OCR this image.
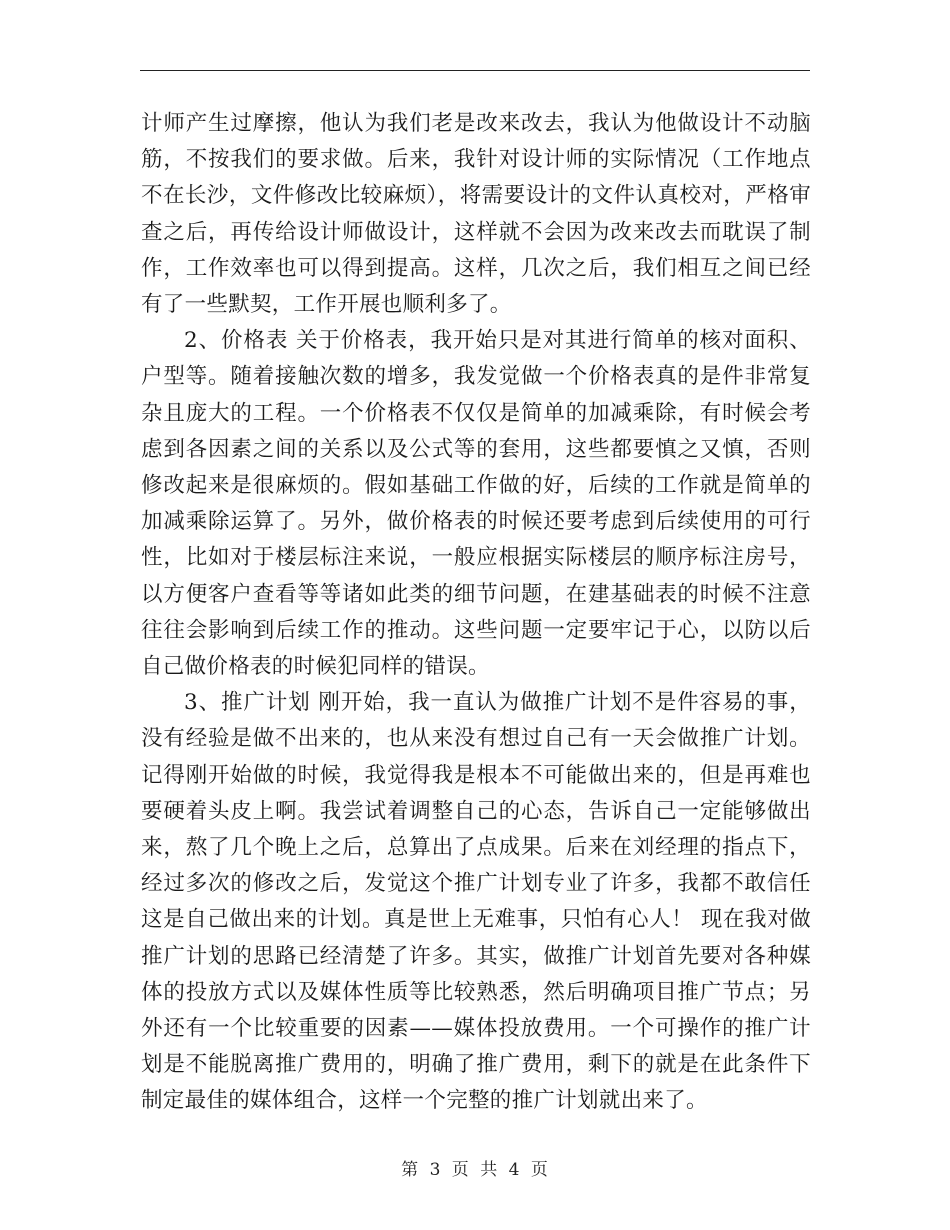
计师产生过摩擦，他认为我们老是改来改去，我认为他做设计不动脑筋，不按我们的要求做。后来，我针对设计师的实际情况（工作地点不在长沙，文件修改比较麻烦），将需要设计的文件认真校对，严格审查之后，再传给设计师做设计，这样就不会因为改来改去而耽误了制作，工作效率也可以得到提高。这样，几次之后，我们相互之间已经有了一些默契，工作开展也顺利多了。

2、价格表 关于价格表，我开始只是对其进行简单的核对面积、户型等。随着接触次数的增多，我发觉做一个价格表真的是件非常复杂且庞大的工程。一个价格表不仅仅是简单的加减乘除，有时候会考虑到各因素之间的关系以及公式等的套用，这些都要慎之又慎，否则修改起来是很麻烦的。假如基础工作做的好，后续的工作就是简单的加减乘除运算了。另外，做价格表的时候还要考虑到后续使用的可行性，比如对于楼层标注来说，一般应根据实际楼层的顺序标注房号，以方便客户查看等等诸如此类的细节问题，在建基础表的时候不注意往往会影响到后续工作的推动。这些问题一定要牢记于心，以防以后自己做价格表的时候犯同样的错误。

3、推广计划 刚开始，我一直认为做推广计划不是件容易的事，没有经验是做不出来的，也从来没有想过自己有一天会做推广计划。记得刚开始做的时候，我觉得我是根本不可能做出来的，但是再难也要硬着头皮上啊。我尝试着调整自己的心态，告诉自己一定能够做出来，熬了几个晚上之后，总算出了点成果。后来在刘经理的指点下，经过多次的修改之后，发觉这个推广计划专业了许多，我都不敢信任这是自己做出来的计划。真是世上无难事，只怕有心人！ 现在我对做推广计划的思路已经清楚了许多。其实，做推广计划首先要对各种媒体的投放方式以及媒体性质等比较熟悉，然后明确项目推广节点；另外还有一个比较重要的因素——媒体投放费用。一个可操作的推广计划是不能脱离推广费用的，明确了推广费用，剩下的就是在此条件下制定最佳的媒体组合，这样一个完整的推广计划就出来了。

第 3 页 共 4 页
